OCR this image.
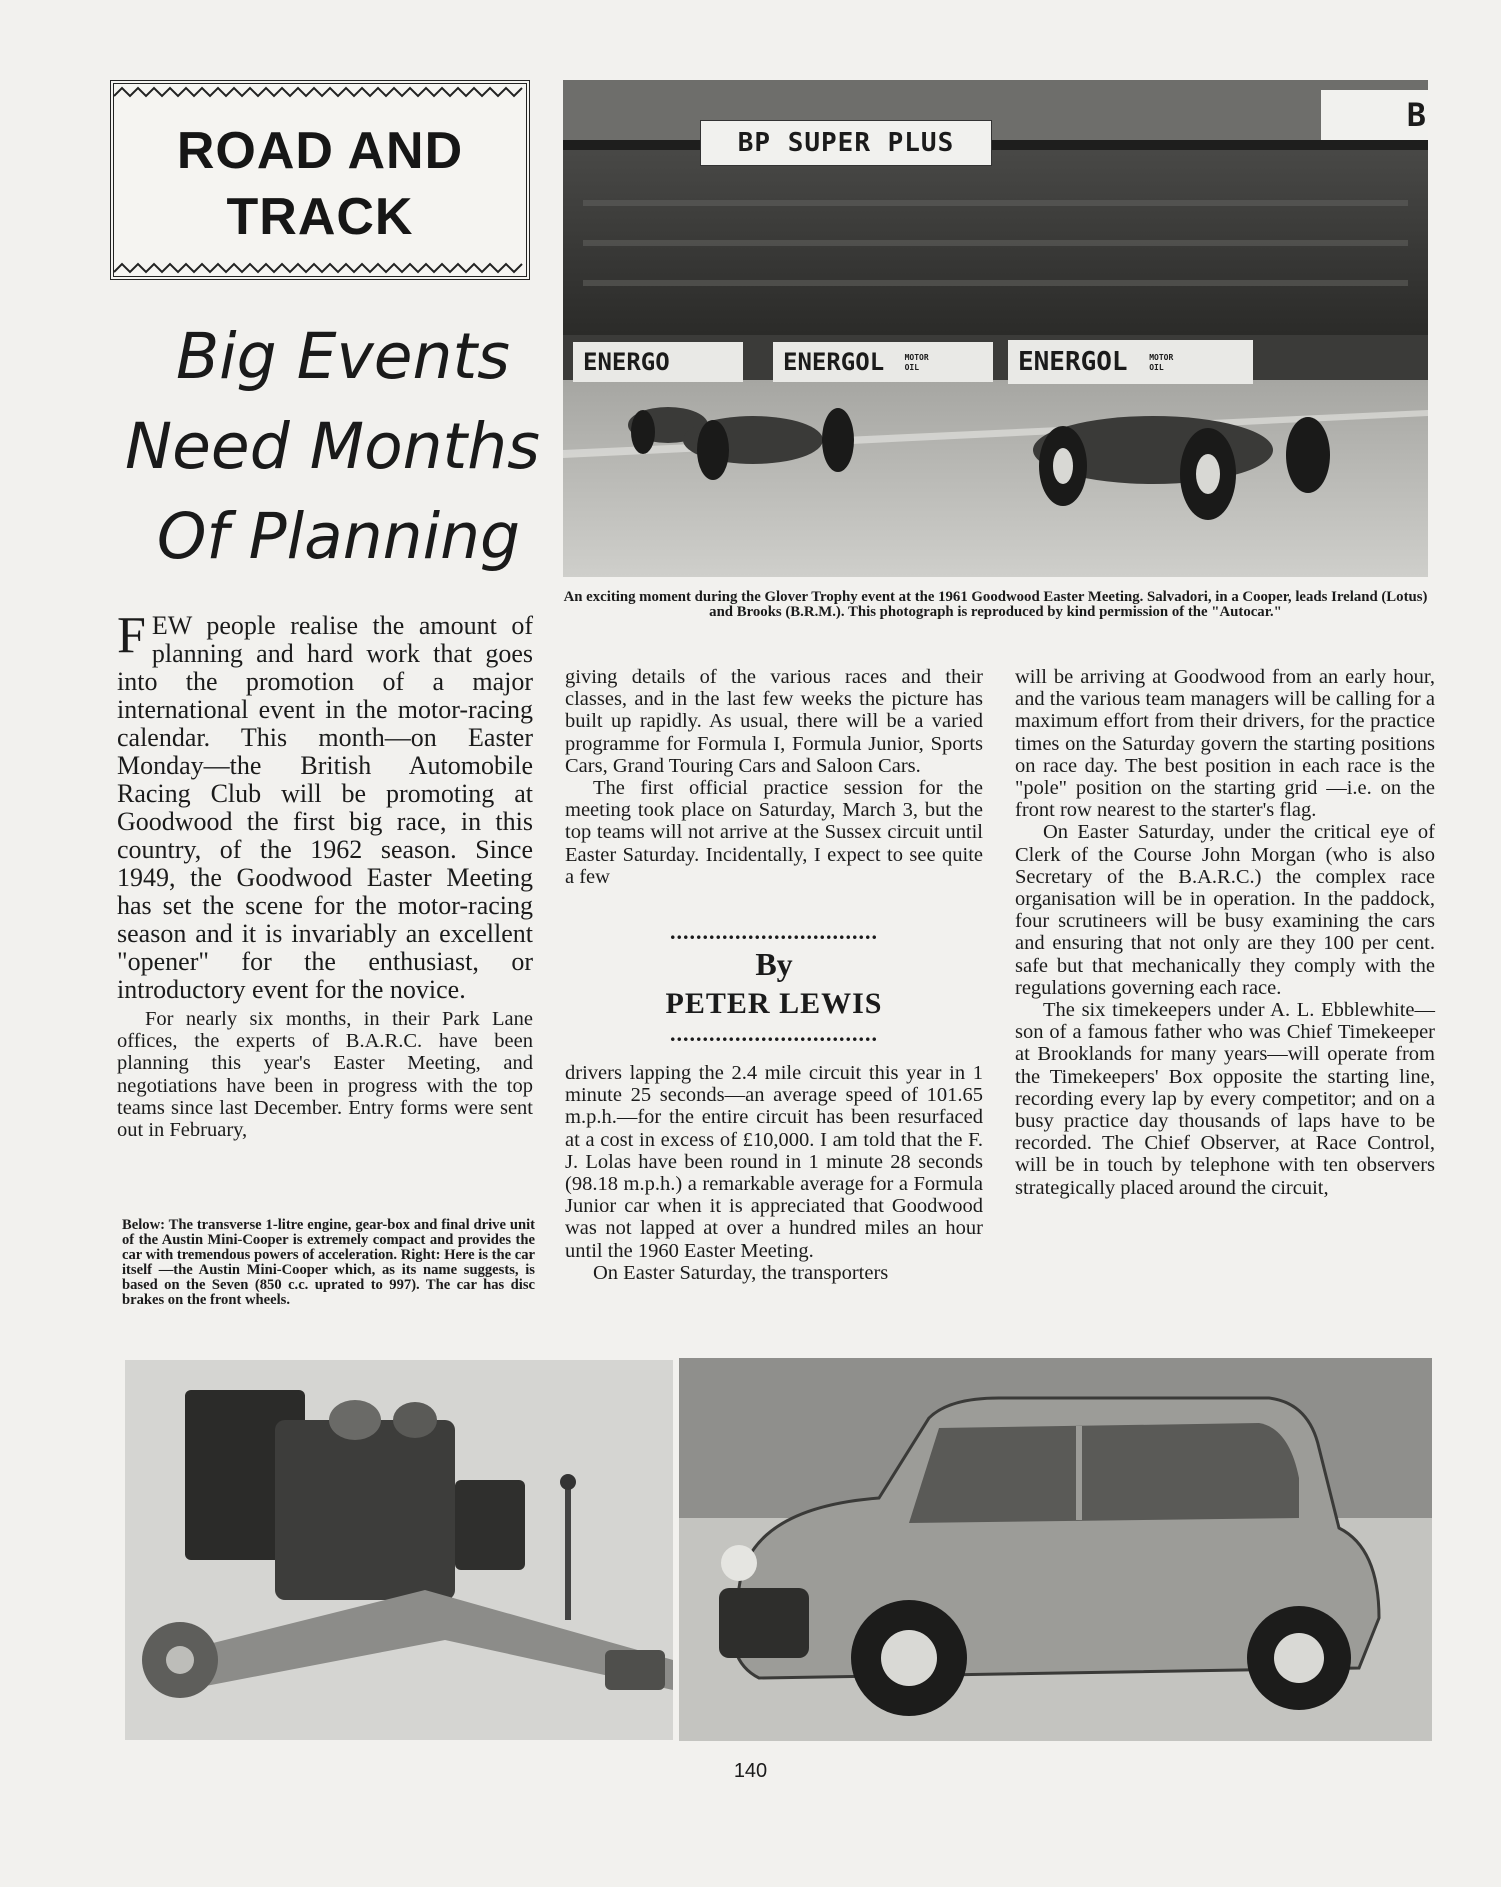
ROAD AND
TRACK
Big Events
Need Months
Of Planning
BP SUPER PLUS
B
ENERGO	ENERGOL	MOTOR OIL	ENERGOL	MOTOR OIL
An exciting moment during the Glover Trophy event at the 1961 Goodwood Easter Meeting. Salvadori, in a Cooper, leads Ireland (Lotus) and Brooks (B.R.M.). This photograph is reproduced by kind permission of the "Autocar."
FEW people realise the amount of planning and hard work that goes into the promotion of a major international event in the motor-racing calendar. This month—on Easter Monday—the British Automobile Racing Club will be promoting at Goodwood the first big race, in this country, of the 1962 season. Since 1949, the Goodwood Easter Meeting has set the scene for the motor-racing season and it is invariably an excellent "opener" for the enthusiast, or introductory event for the novice.

For nearly six months, in their Park Lane offices, the experts of B.A.R.C. have been planning this year's Easter Meeting, and negotiations have been in progress with the top teams since last December. Entry forms were sent out in February,

Below: The transverse 1-litre engine, gear-box and final drive unit of the Austin Mini-Cooper is extremely compact and provides the car with tremendous powers of acceleration. Right: Here is the car itself —the Austin Mini-Cooper which, as its name suggests, is based on the Seven (850 c.c. uprated to 997). The car has disc brakes on the front wheels.

giving details of the various races and their classes, and in the last few weeks the picture has built up rapidly. As usual, there will be a varied programme for Formula I, Formula Junior, Sports Cars, Grand Touring Cars and Saloon Cars.

The first official practice session for the meeting took place on Saturday, March 3, but the top teams will not arrive at the Sussex circuit until Easter Saturday. Incidentally, I expect to see quite a few

................................
By
PETER LEWIS
................................

drivers lapping the 2.4 mile circuit this year in 1 minute 25 seconds—an average speed of 101.65 m.p.h.—for the entire circuit has been resurfaced at a cost in excess of £10,000. I am told that the F. J. Lolas have been round in 1 minute 28 seconds (98.18 m.p.h.) a remarkable average for a Formula Junior car when it is appreciated that Goodwood was not lapped at over a hundred miles an hour until the 1960 Easter Meeting.

On Easter Saturday, the transporters

will be arriving at Goodwood from an early hour, and the various team managers will be calling for a maximum effort from their drivers, for the practice times on the Saturday govern the starting positions on race day. The best position in each race is the "pole" position on the starting grid —i.e. on the front row nearest to the starter's flag.

On Easter Saturday, under the critical eye of Clerk of the Course John Morgan (who is also Secretary of the B.A.R.C.) the complex race organisation will be in operation. In the paddock, four scrutineers will be busy examining the cars and ensuring that not only are they 100 per cent. safe but that mechanically they comply with the regulations governing each race.

The six timekeepers under A. L. Ebblewhite—son of a famous father who was Chief Timekeeper at Brooklands for many years—will operate from the Timekeepers' Box opposite the starting line, recording every lap by every competitor; and on a busy practice day thousands of laps have to be recorded. The Chief Observer, at Race Control, will be in touch by telephone with ten observers strategically placed around the circuit,

140
